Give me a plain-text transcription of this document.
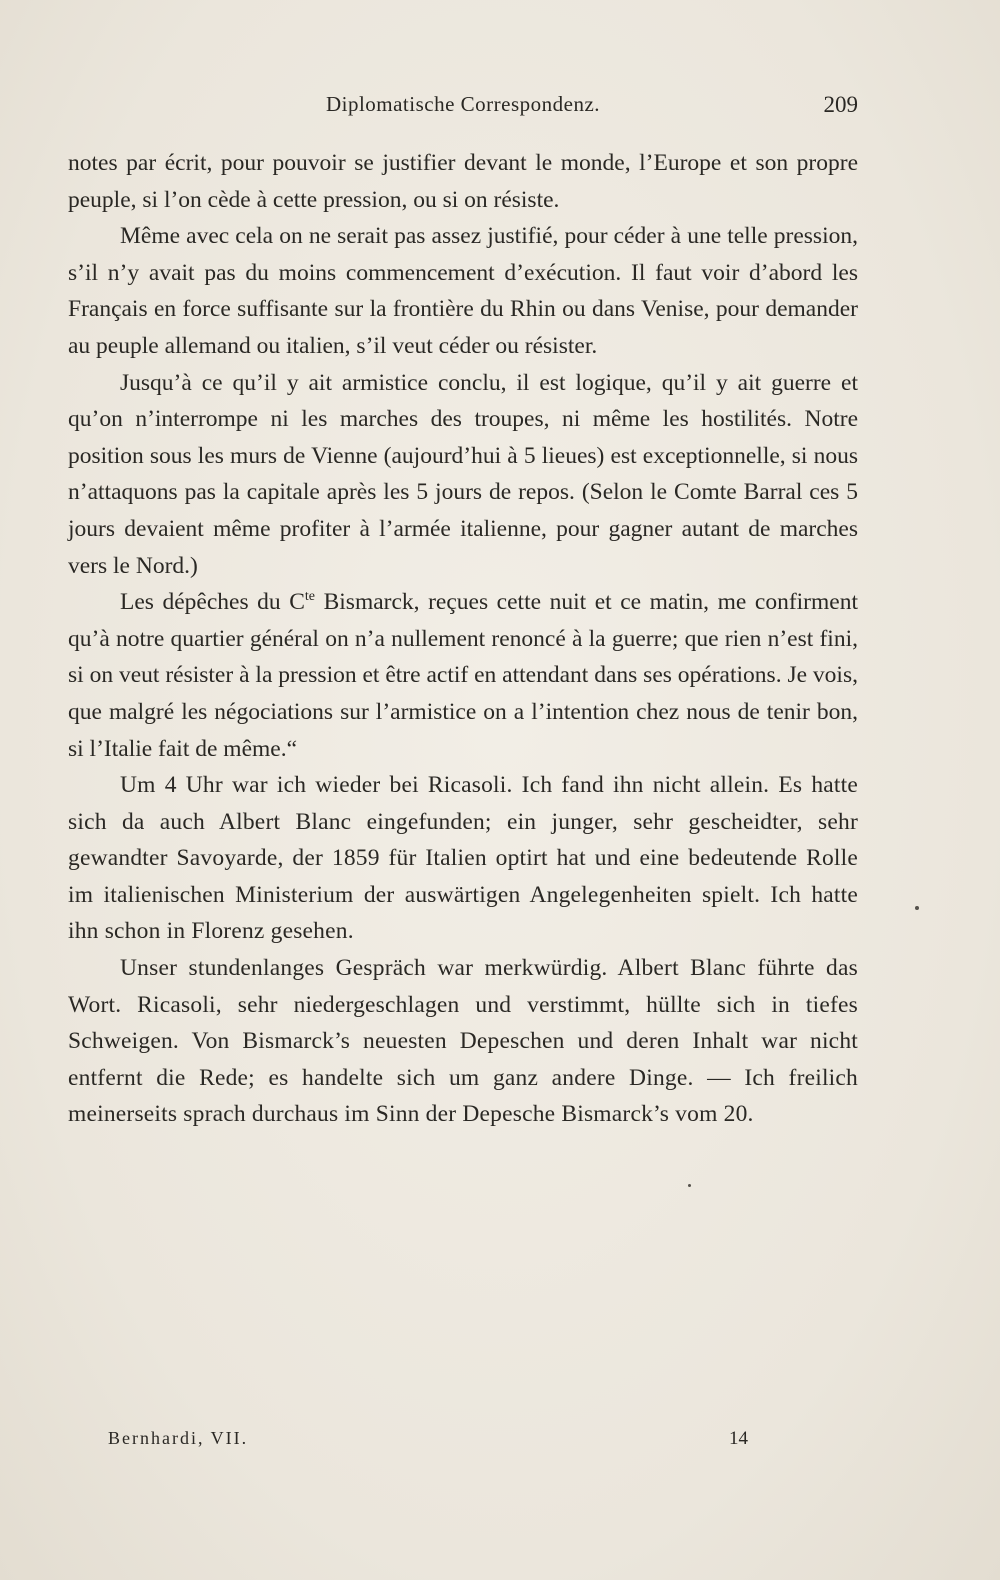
Diplomatische Correspondenz.	209

notes par écrit, pour pouvoir se justifier devant le monde, l’Europe et son propre peuple, si l’on cède à cette pression, ou si on résiste.

Même avec cela on ne serait pas assez justifié, pour céder à une telle pression, s’il n’y avait pas du moins commencement d’exécution. Il faut voir d’abord les Français en force suffisante sur la frontière du Rhin ou dans Venise, pour demander au peuple allemand ou italien, s’il veut céder ou résister.

Jusqu’à ce qu’il y ait armistice conclu, il est logique, qu’il y ait guerre et qu’on n’interrompe ni les marches des troupes, ni même les hostilités. Notre position sous les murs de Vienne (aujourd’hui à 5 lieues) est exceptionnelle, si nous n’attaquons pas la capitale après les 5 jours de repos. (Selon le Comte Barral ces 5 jours devaient même profiter à l’armée italienne, pour gagner autant de marches vers le Nord.)

Les dépêches du $C^{te}$ Bismarck, reçues cette nuit et ce matin, me confirment qu’à notre quartier général on n’a nullement renoncé à la guerre; que rien n’est fini, si on veut résister à la pression et être actif en attendant dans ses opérations. Je vois, que malgré les négociations sur l’armistice on a l’intention chez nous de tenir bon, si l’Italie fait de même.“

Um 4 Uhr war ich wieder bei Ricasoli. Ich fand ihn nicht allein. Es hatte sich da auch Albert Blanc eingefunden; ein junger, sehr gescheidter, sehr gewandter Savoyarde, der 1859 für Italien optirt hat und eine bedeutende Rolle im italienischen Ministerium der auswärtigen Angelegenheiten spielt. Ich hatte ihn schon in Florenz gesehen.

Unser stundenlanges Gespräch war merkwürdig. Albert Blanc führte das Wort. Ricasoli, sehr niedergeschlagen und verstimmt, hüllte sich in tiefes Schweigen. Von Bismarck’s neuesten Depeschen und deren Inhalt war nicht entfernt die Rede; es handelte sich um ganz andere Dinge. — Ich freilich meinerseits sprach durchaus im Sinn der Depesche Bismarck’s vom 20.

Bernhardi, VII.	14
